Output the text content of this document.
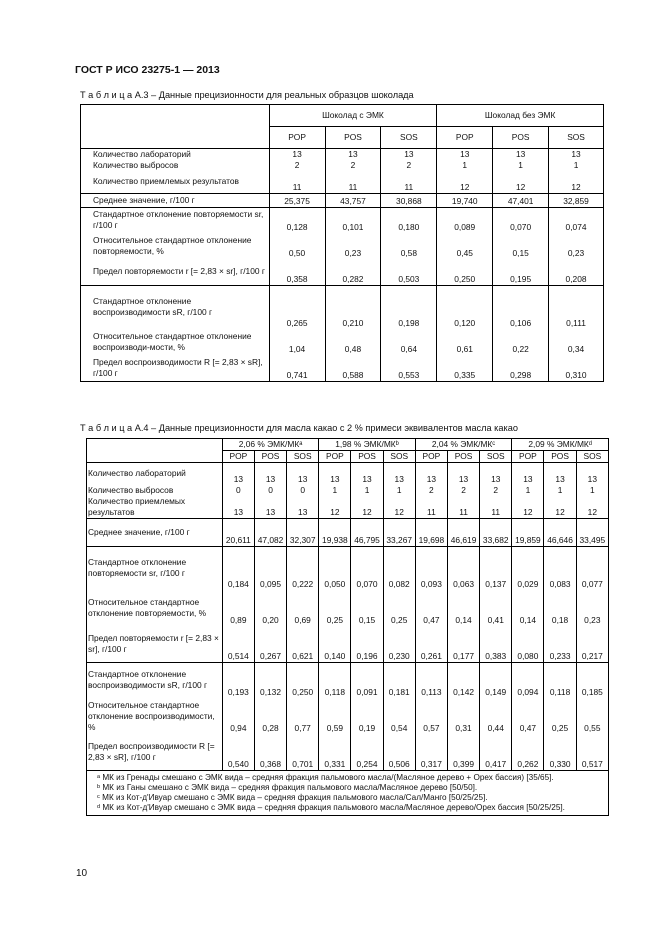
ГОСТ Р ИСО 23275-1 — 2013
Т а б л и ц а А.3 – Данные прецизионности для реальных образцов шоколада
	Шоколад с ЭМК			Шоколад без ЭМК		
	POP	POS	SOS	POP	POS	SOS
Количество лабораторий	13	13	13	13	13	13
Количество выбросов	2	2	2	1	1	1
Количество приемлемых результатов	11	11	11	12	12	12
Среднее значение, г/100 г	25,375	43,757	30,868	19,740	47,401	32,859
Стандартное отклонение повторяемости sr, г/100 г	0,128	0,101	0,180	0,089	0,070	0,074
Относительное стандартное отклонение повторяемости, %	0,50	0,23	0,58	0,45	0,15	0,23
Предел повторяемости r [= 2,83 × sr], г/100 г	0,358	0,282	0,503	0,250	0,195	0,208
Стандартное отклонение воспроизводимости sR, г/100 г	0,265	0,210	0,198	0,120	0,106	0,111
Относительное стандартное отклонение воспроизводи-мости, %	1,04	0,48	0,64	0,61	0,22	0,34
Предел воспроизводимости R [= 2,83 × sR], г/100 г	0,741	0,588	0,553	0,335	0,298	0,310
Т а б л и ц а А.4 – Данные прецизионности для масла какао с 2 % примеси эквивалентов масла какао
	2,06 % ЭМК/МКᵃ			1,98 % ЭМК/МКᵇ			2,04 % ЭМК/МКᶜ			2,09 % ЭМК/МКᵈ		
	POP	POS	SOS	POP	POS	SOS	POP	POS	SOS	POP	POS	SOS
Количество лабораторий	13	13	13	13	13	13	13	13	13	13	13	13
Количество выбросов	0	0	0	1	1	1	2	2	2	1	1	1
Количество приемлемых результатов	13	13	13	12	12	12	11	11	11	12	12	12
Среднее значение, г/100 г	20,611	47,082	32,307	19,938	46,795	33,267	19,698	46,619	33,682	19,859	46,646	33,495
Стандартное отклонение повторяемости sr, г/100 г	0,184	0,095	0,222	0,050	0,070	0,082	0,093	0,063	0,137	0,029	0,083	0,077
Относительное стандартное отклонение повторяемости, %	0,89	0,20	0,69	0,25	0,15	0,25	0,47	0,14	0,41	0,14	0,18	0,23
Предел повторяемости r [= 2,83 × sr], г/100 г	0,514	0,267	0,621	0,140	0,196	0,230	0,261	0,177	0,383	0,080	0,233	0,217
Стандартное отклонение воспроизводимости sR, г/100 г	0,193	0,132	0,250	0,118	0,091	0,181	0,113	0,142	0,149	0,094	0,118	0,185
Относительное стандартное отклонение воспроизводимости, %	0,94	0,28	0,77	0,59	0,19	0,54	0,57	0,31	0,44	0,47	0,25	0,55
Предел воспроизводимости R [= 2,83 × sR], г/100 г	0,540	0,368	0,701	0,331	0,254	0,506	0,317	0,399	0,417	0,262	0,330	0,517

ᵃ МК из Гренады смешано с ЭМК вида – средняя фракция пальмового масла/(Масляное дерево + Орех бассия) [35/65].
ᵇ МК из Ганы смешано с ЭМК вида – средняя фракция пальмового масла/Масляное дерево [50/50].
ᶜ МК из Кот-д'Ивуар смешано с ЭМК вида – средняя фракция пальмового масла/Сал/Манго [50/25/25].
ᵈ МК из Кот-д'Ивуар смешано с ЭМК вида – средняя фракция пальмового масла/Масляное дерево/Орех бассия [50/25/25].												
10
